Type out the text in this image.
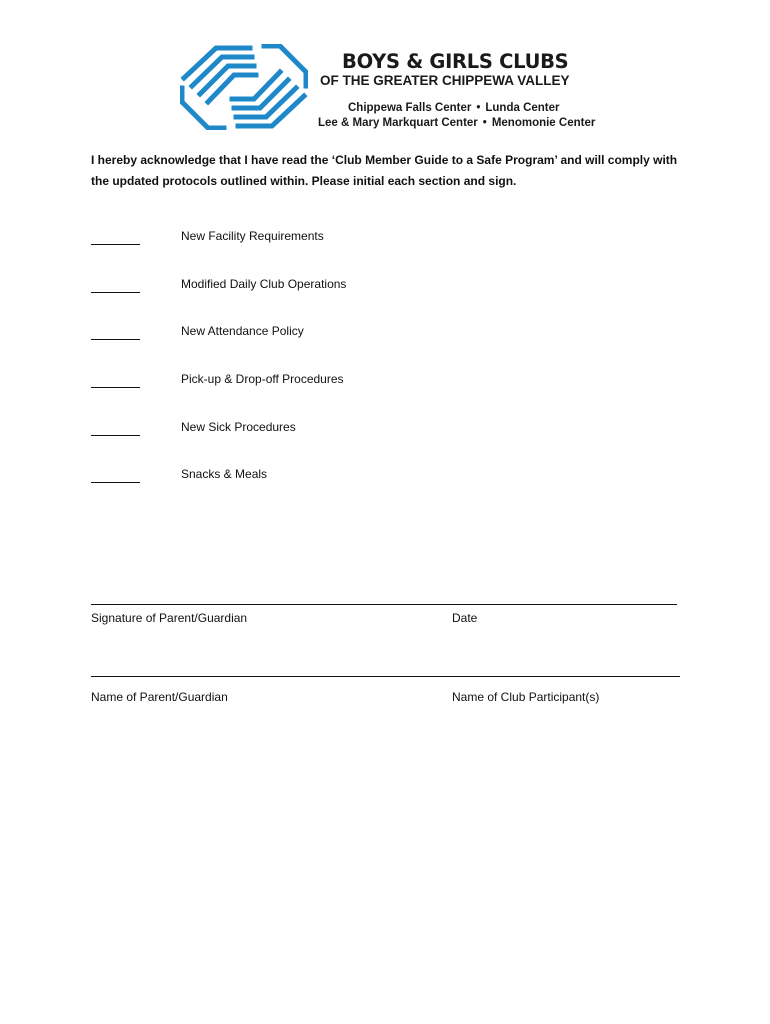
BOYS & GIRLS CLUBS
OF THE GREATER CHIPPEWA VALLEY
Chippewa Falls Center • Lunda Center
Lee & Mary Markquart Center • Menomonie Center
I hereby acknowledge that I have read the ‘Club Member Guide to a Safe Program’ and will comply with the updated protocols outlined within. Please initial each section and sign.
New Facility Requirements
Modified Daily Club Operations
New Attendance Policy
Pick-up & Drop-off Procedures
New Sick Procedures
Snacks & Meals
Signature of Parent/Guardian	Date
Name of Parent/Guardian	Name of Club Participant(s)
